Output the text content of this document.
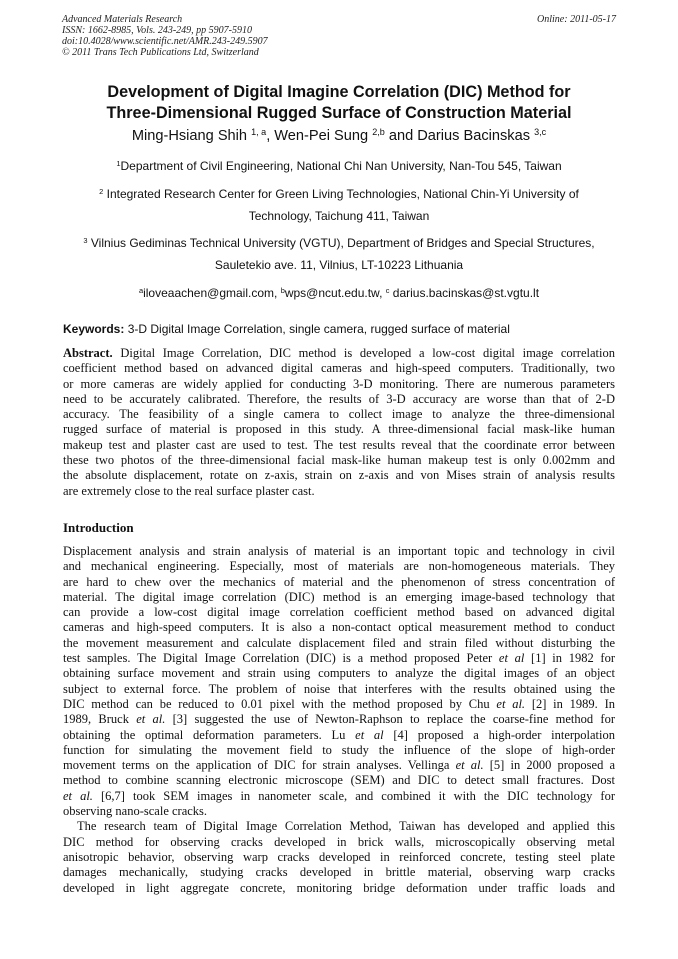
Advanced Materials Research
ISSN: 1662-8985, Vols. 243-249, pp 5907-5910
doi:10.4028/www.scientific.net/AMR.243-249.5907
© 2011 Trans Tech Publications Ltd, Switzerland
Online: 2011-05-17
Development of Digital Imagine Correlation (DIC) Method for
Three-Dimensional Rugged Surface of Construction Material
Ming-Hsiang Shih $^{1, a}$, Wen-Pei Sung $^{2,b}$ and Darius Bacinskas $^{3,c}$
$^1$Department of Civil Engineering, National Chi Nan University, Nan-Tou 545, Taiwan
$^2$ Integrated Research Center for Green Living Technologies, National Chin-Yi University of
Technology, Taichung 411, Taiwan
$^3$ Vilnius Gediminas Technical University (VGTU), Department of Bridges and Special Structures,
Sauletekio ave. 11, Vilnius, LT-10223 Lithuania
$^a$iloveaachen@gmail.com, $^b$wps@ncut.edu.tw, $^c$ darius.bacinskas@st.vgtu.lt
Keywords: 3-D Digital Image Correlation, single camera, rugged surface of material
Abstract. Digital Image Correlation, DIC method is developed a low-cost digital image correlation
coefficient method based on advanced digital cameras and high-speed computers. Traditionally, two
or more cameras are widely applied for conducting 3-D monitoring. There are numerous parameters
need to be accurately calibrated. Therefore, the results of 3-D accuracy are worse than that of 2-D
accuracy. The feasibility of a single camera to collect image to analyze the three-dimensional
rugged surface of material is proposed in this study. A three-dimensional facial mask-like human
makeup test and plaster cast are used to test. The test results reveal that the coordinate error between
these two photos of the three-dimensional facial mask-like human makeup test is only 0.002mm and
the absolute displacement, rotate on z-axis, strain on z-axis and von Mises strain of analysis results
are extremely close to the real surface plaster cast.
Introduction
Displacement analysis and strain analysis of material is an important topic and technology in civil
and mechanical engineering. Especially, most of materials are non-homogeneous materials. They
are hard to chew over the mechanics of material and the phenomenon of stress concentration of
material. The digital image correlation (DIC) method is an emerging image-based technology that
can provide a low-cost digital image correlation coefficient method based on advanced digital
cameras and high-speed computers. It is also a non-contact optical measurement method to conduct
the movement measurement and calculate displacement filed and strain filed without disturbing the
test samples. The Digital Image Correlation (DIC) is a method proposed Peter et al [1] in 1982 for
obtaining surface movement and strain using computers to analyze the digital images of an object
subject to external force. The problem of noise that interferes with the results obtained using the
DIC method can be reduced to 0.01 pixel with the method proposed by Chu et al. [2] in 1989. In
1989, Bruck et al. [3] suggested the use of Newton-Raphson to replace the coarse-fine method for
obtaining the optimal deformation parameters. Lu et al [4] proposed a high-order interpolation
function for simulating the movement field to study the influence of the slope of high-order
movement terms on the application of DIC for strain analyses. Vellinga et al. [5] in 2000 proposed a
method to combine scanning electronic microscope (SEM) and DIC to detect small fractures. Dost
et al. [6,7] took SEM images in nanometer scale, and combined it with the DIC technology for
observing nano-scale cracks.
The research team of Digital Image Correlation Method, Taiwan has developed and applied this
DIC method for observing cracks developed in brick walls, microscopically observing metal
anisotropic behavior, observing warp cracks developed in reinforced concrete, testing steel plate
damages mechanically, studying cracks developed in brittle material, observing warp cracks
developed in light aggregate concrete, monitoring bridge deformation under traffic loads and
